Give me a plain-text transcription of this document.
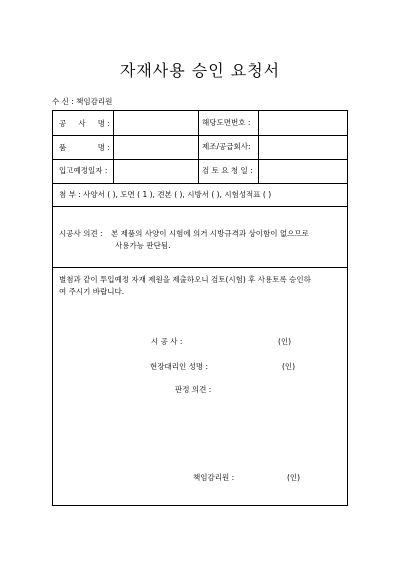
자재사용 승인 요청서
수 신 : 책임감리원
공 사 명 :	해당도면번호 :
품	명 :	제조/공급회사:
입고예정일자 :	검 토 요 청 일 :
첨 부 : 사양서 ( ), 도면 ( 1 ), 견본 ( ), 시방서 ( ), 시험성적표 ( )
시공사 의견 : 본 제품의 사양이 시험에 의거 시방규격과 상이함이 없으므로
사용가능 판단됨.
별첨과 같이 투입예정 자재 제원을 제출하오니 검토(시험) 후 사용토록 승인하
여 주시기 바랍니다.
시 공 사 :	(인)
현장대리인 성명 :	(인)
판정 의견 :
책임감리원 :	(인)
